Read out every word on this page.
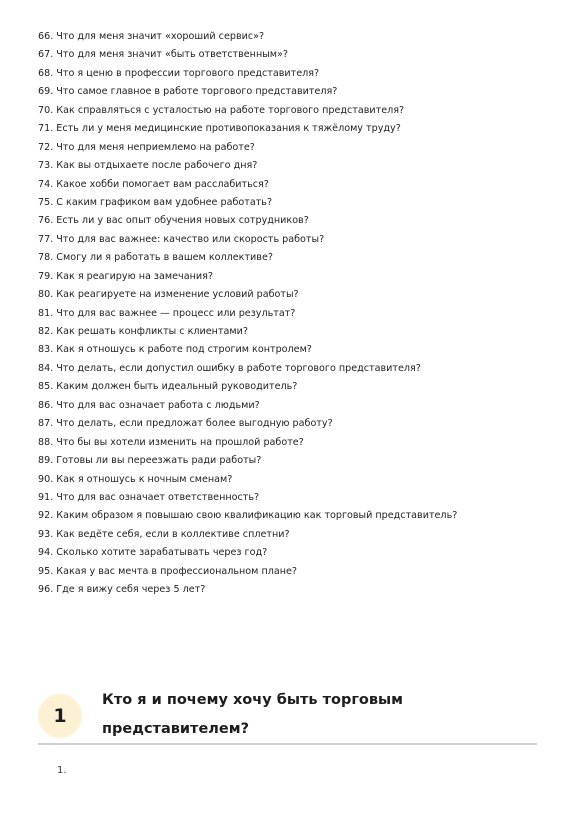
66. Что для меня значит «хороший сервис»?
67. Что для меня значит «быть ответственным»?
68. Что я ценю в профессии торгового представителя?
69. Что самое главное в работе торгового представителя?
70. Как справляться с усталостью на работе торгового представителя?
71. Есть ли у меня медицинские противопоказания к тяжёлому труду?
72. Что для меня неприемлемо на работе?
73. Как вы отдыхаете после рабочего дня?
74. Какое хобби помогает вам расслабиться?
75. С каким графиком вам удобнее работать?
76. Есть ли у вас опыт обучения новых сотрудников?
77. Что для вас важнее: качество или скорость работы?
78. Смогу ли я работать в вашем коллективе?
79. Как я реагирую на замечания?
80. Как реагируете на изменение условий работы?
81. Что для вас важнее — процесс или результат?
82. Как решать конфликты с клиентами?
83. Как я отношусь к работе под строгим контролем?
84. Что делать, если допустил ошибку в работе торгового представителя?
85. Каким должен быть идеальный руководитель?
86. Что для вас означает работа с людьми?
87. Что делать, если предложат более выгодную работу?
88. Что бы вы хотели изменить на прошлой работе?
89. Готовы ли вы переезжать ради работы?
90. Как я отношусь к ночным сменам?
91. Что для вас означает ответственность?
92. Каким образом я повышаю свою квалификацию как торговый представитель?
93. Как ведёте себя, если в коллективе сплетни?
94. Сколько хотите зарабатывать через год?
95. Какая у вас мечта в профессиональном плане?
96. Где я вижу себя через 5 лет?
1
Кто я и почему хочу быть торговым представителем?
1.
